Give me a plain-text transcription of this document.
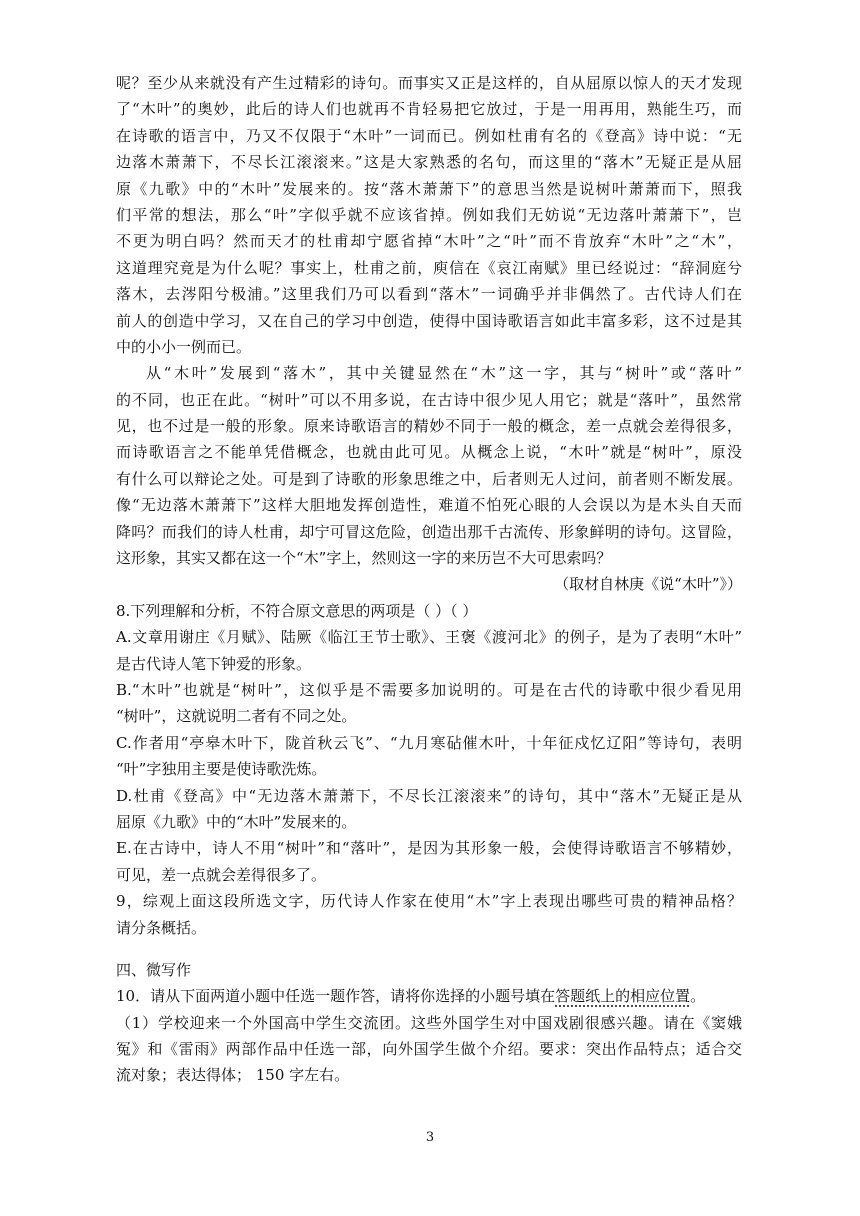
呢？至少从来就没有产生过精彩的诗句。而事实又正是这样的，自从屈原以惊人的天才发现
了“木叶”的奥妙，此后的诗人们也就再不肯轻易把它放过，于是一用再用，熟能生巧，而
在诗歌的语言中，乃又不仅限于“木叶”一词而已。例如杜甫有名的《登高》诗中说：“无
边落木萧萧下，不尽长江滚滚来。”这是大家熟悉的名句，而这里的“落木”无疑正是从屈
原《九歌》中的“木叶”发展来的。按“落木萧萧下”的意思当然是说树叶萧萧而下，照我
们平常的想法，那么“叶”字似乎就不应该省掉。例如我们无妨说“无边落叶萧萧下”，岂
不更为明白吗？然而天才的杜甫却宁愿省掉“木叶”之“叶”而不肯放弃“木叶”之“木”，
这道理究竟是为什么呢？事实上，杜甫之前，庾信在《哀江南赋》里已经说过：“辞洞庭兮
落木，去涔阳兮极浦。”这里我们乃可以看到“落木”一词确乎并非偶然了。古代诗人们在
前人的创造中学习，又在自己的学习中创造，使得中国诗歌语言如此丰富多彩，这不过是其
中的小小一例而已。
从“木叶”发展到“落木”，其中关键显然在“木”这一字，其与“树叶”或“落叶”
的不同，也正在此。“树叶”可以不用多说，在古诗中很少见人用它；就是“落叶”，虽然常
见，也不过是一般的形象。原来诗歌语言的精妙不同于一般的概念，差一点就会差得很多，
而诗歌语言之不能单凭借概念，也就由此可见。从概念上说，“木叶”就是“树叶”，原没
有什么可以辩论之处。可是到了诗歌的形象思维之中，后者则无人过问，前者则不断发展。
像“无边落木萧萧下”这样大胆地发挥创造性，难道不怕死心眼的人会误以为是木头自天而
降吗？而我们的诗人杜甫，却宁可冒这危险，创造出那千古流传、形象鲜明的诗句。这冒险，
这形象，其实又都在这一个“木”字上，然则这一字的来历岂不大可思索吗？
（取材自林庚《说“木叶”》）
8.下列理解和分析，不符合原文意思的两项是（ ）（ ）
A.文章用谢庄《月赋》、陆厥《临江王节士歌》、王褒《渡河北》的例子，是为了表明“木叶”
是古代诗人笔下钟爱的形象。
B.“木叶”也就是“树叶”，这似乎是不需要多加说明的。可是在古代的诗歌中很少看见用
“树叶”，这就说明二者有不同之处。
C.作者用“亭皋木叶下，陇首秋云飞”、“九月寒砧催木叶，十年征戍忆辽阳”等诗句，表明
“叶”字独用主要是使诗歌洗炼。
D.杜甫《登高》中“无边落木萧萧下，不尽长江滚滚来”的诗句，其中“落木”无疑正是从
屈原《九歌》中的“木叶”发展来的。
E.在古诗中，诗人不用“树叶”和“落叶”，是因为其形象一般，会使得诗歌语言不够精妙，
可见，差一点就会差得很多了。
9，综观上面这段所选文字，历代诗人作家在使用“木”字上表现出哪些可贵的精神品格？
请分条概括。
四、微写作
10．请从下面两道小题中任选一题作答，请将你选择的小题号填在答题纸上的相应位置。
（1）学校迎来一个外国高中学生交流团。这些外国学生对中国戏剧很感兴趣。请在《窦娥
冤》和《雷雨》两部作品中任选一部，向外国学生做个介绍。要求：突出作品特点；适合交
流对象；表达得体； 150 字左右。
3
